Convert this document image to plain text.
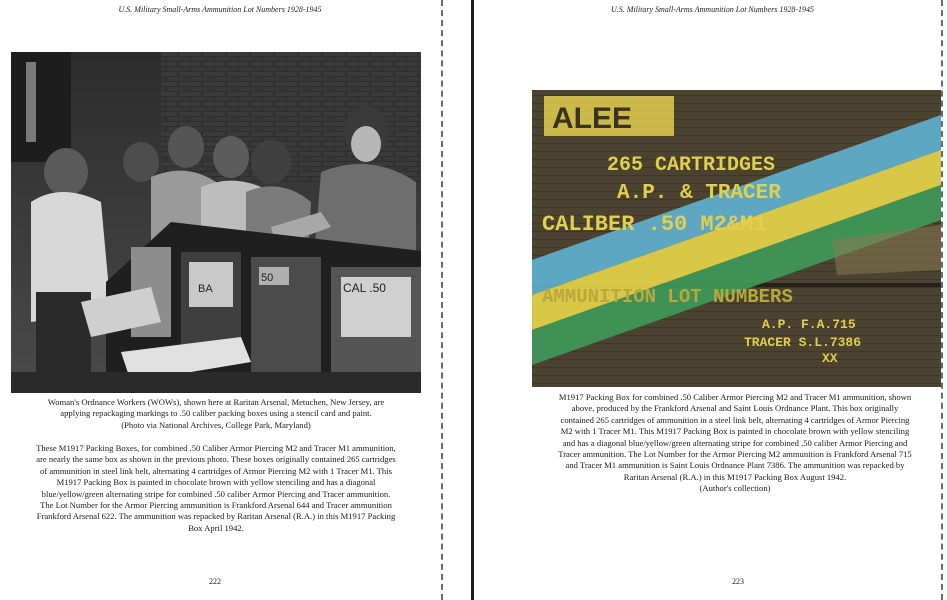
U.S. Military Small-Arms Ammunition Lot Numbers 1928-1945
BA
50
CAL .50
Woman's Ordnance Workers (WOWs), shown here at Raritan Arsenal, Metuchen, New Jersey, are
applying repackaging markings to .50 caliber packing boxes using a stencil card and paint.
(Photo via National Archives, College Park, Maryland)
These M1917 Packing Boxes, for combined .50 Caliber Armor Piercing M2 and Tracer M1 ammunition,
are nearly the same box as shown in the previous photo. These boxes originally contained 265 cartridges
of ammunition in steel link belt, alternating 4 cartridges of Armor Piercing M2 with 1 Tracer M1. This
M1917 Packing Box is painted in chocolate brown with yellow stenciling and has a diagonal
blue/yellow/green alternating stripe for combined .50 caliber Armor Piercing and Tracer ammunition.
The Lot Number for the Armor Piercing ammunition is Frankford Arsenal 644 and Tracer ammunition
Frankford Arsenal 622. The ammunition was repacked by Raritan Arsenal (R.A.) in this M1917 Packing
Box April 1942.
222
U.S. Military Small-Arms Ammunition Lot Numbers 1928-1945
ALEE
265 CARTRIDGES
A.P. & TRACER
CALIBER .50 M2&M1
AMMUNITION LOT NUMBERS
A.P. F.A.715
TRACER S.L.7386
XX
M1917 Packing Box for combined .50 Caliber Armor Piercing M2 and Tracer M1 ammunition, shown
above, produced by the Frankford Arsenal and Saint Louis Ordnance Plant. This box originally
contained 265 cartridges of ammunition in a steel link belt, alternating 4 cartridges of Armor Piercing
M2 with 1 Tracer M1. This M1917 Packing Box is painted in chocolate brown with yellow stenciling
and has a diagonal blue/yellow/green alternating stripe for combined .50 caliber Armor Piercing and
Tracer ammunition. The Lot Number for the Armor Piercing M2 ammunition is Frankford Arsenal 715
and Tracer M1 ammunition is Saint Louis Ordnance Plant 7386. The ammunition was repacked by
Raritan Arsenal (R.A.) in this M1917 Packing Box August 1942.
(Author's collection)
223
